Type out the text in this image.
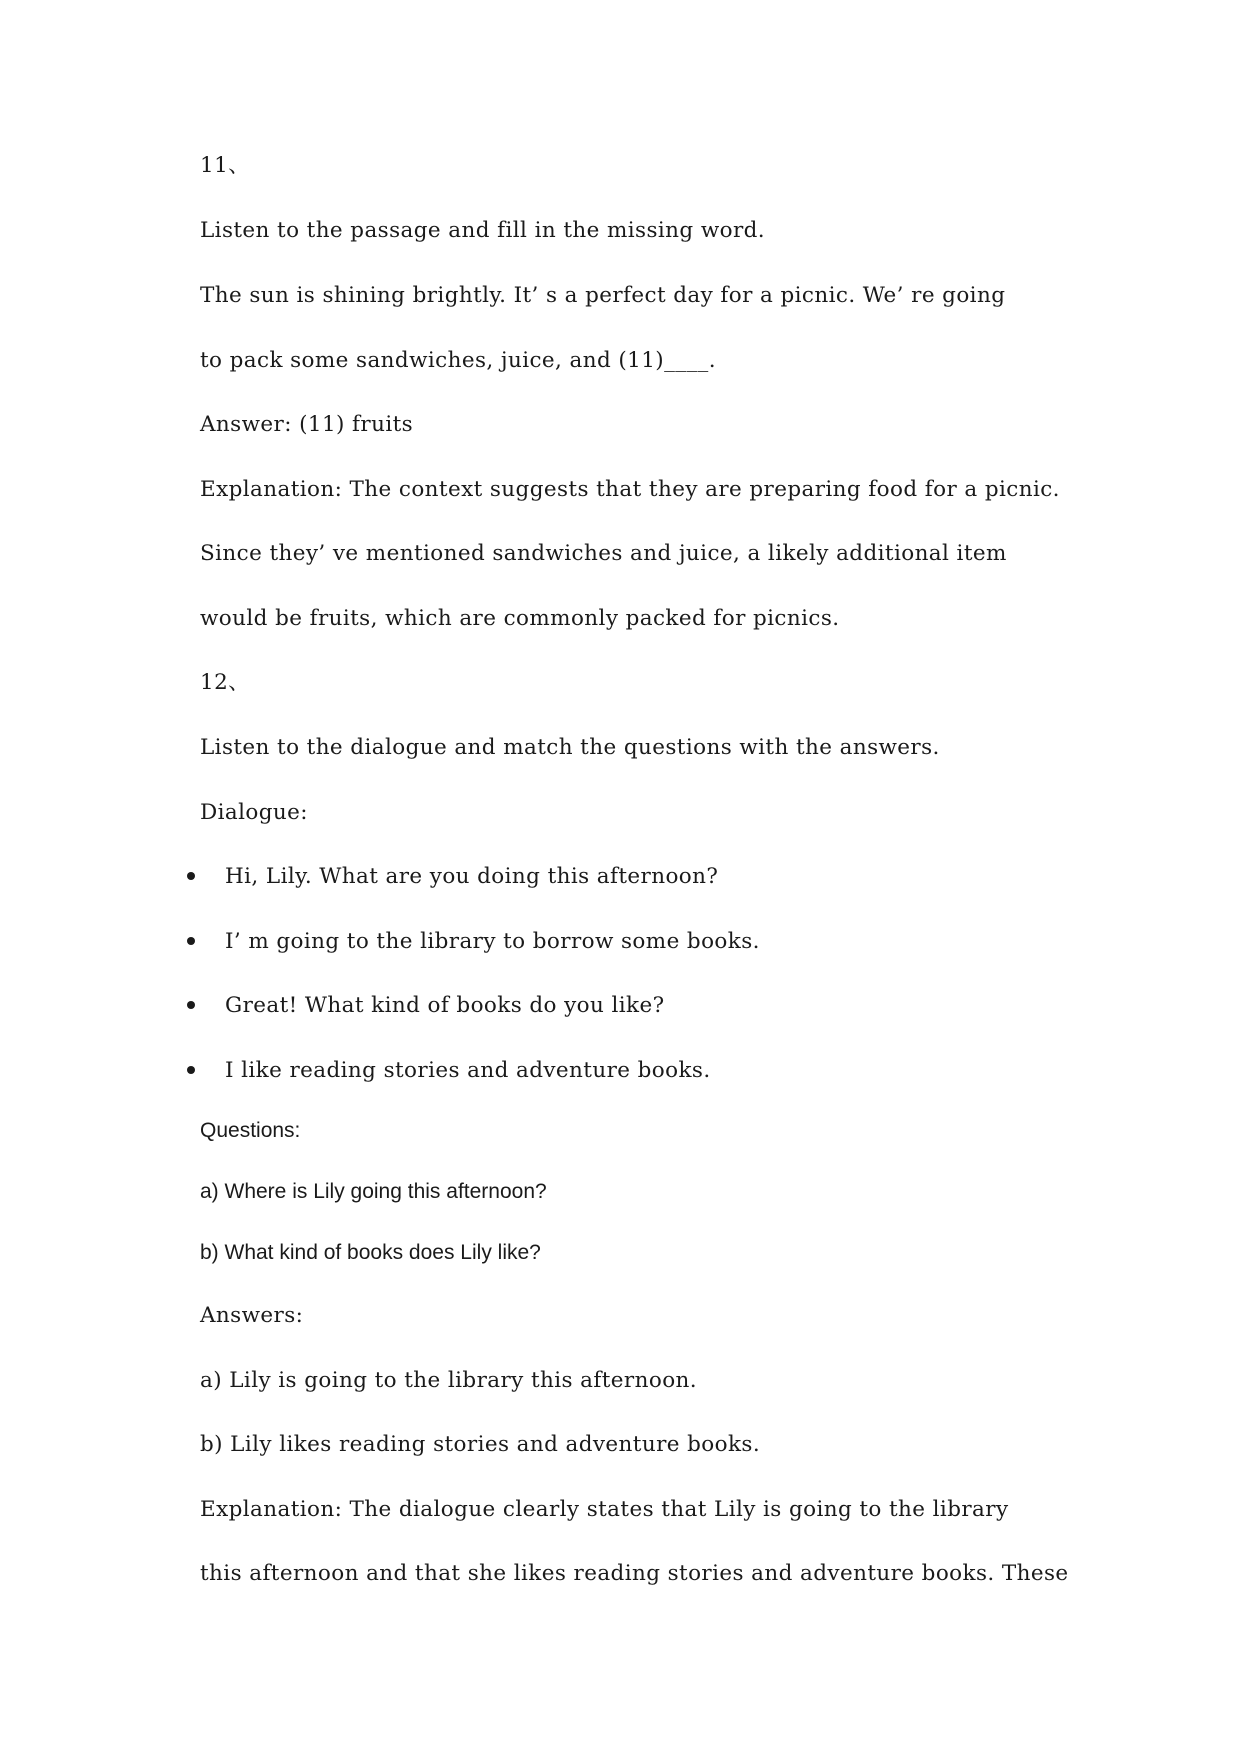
11、
Listen to the passage and fill in the missing word.
The sun is shining brightly. It’ s a perfect day for a picnic. We’ re going
to pack some sandwiches, juice, and (11)____.
Answer: (11) fruits
Explanation: The context suggests that they are preparing food for a picnic.
Since they’ ve mentioned sandwiches and juice, a likely additional item
would be fruits, which are commonly packed for picnics.
12、
Listen to the dialogue and match the questions with the answers.
Dialogue:
Hi, Lily. What are you doing this afternoon?
I’ m going to the library to borrow some books.
Great! What kind of books do you like?
I like reading stories and adventure books.
Questions:
a) Where is Lily going this afternoon?
b) What kind of books does Lily like?
Answers:
a) Lily is going to the library this afternoon.
b) Lily likes reading stories and adventure books.
Explanation: The dialogue clearly states that Lily is going to the library
this afternoon and that she likes reading stories and adventure books. These
